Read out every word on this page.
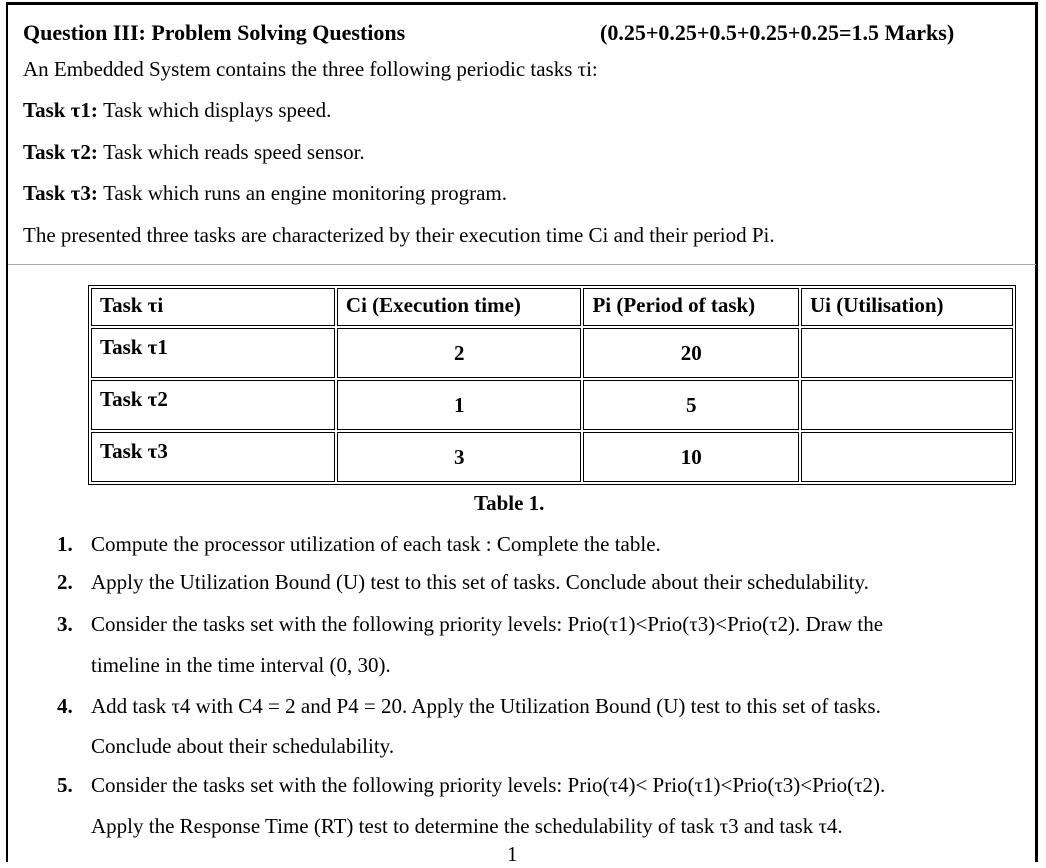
Question III: Problem Solving Questions	(0.25+0.25+0.5+0.25+0.25=1.5 Marks)
An Embedded System contains the three following periodic tasks τi:
Task τ1: Task which displays speed.
Task τ2: Task which reads speed sensor.
Task τ3: Task which runs an engine monitoring program.
The presented three tasks are characterized by their execution time Ci and their period Pi.
Task τi	Ci (Execution time)	Pi (Period of task)	Ui (Utilisation)
Task τ1	2	20	
Task τ2	1	5	
Task τ3	3	10	
Table 1.
1. Compute the processor utilization of each task : Complete the table.
2. Apply the Utilization Bound (U) test to this set of tasks. Conclude about their schedulability.
3. Consider the tasks set with the following priority levels: Prio(τ1)<Prio(τ3)<Prio(τ2). Draw the
timeline in the time interval (0, 30).
4. Add task τ4 with C4 = 2 and P4 = 20. Apply the Utilization Bound (U) test to this set of tasks.
Conclude about their schedulability.
5. Consider the tasks set with the following priority levels: Prio(τ4)< Prio(τ1)<Prio(τ3)<Prio(τ2).
Apply the Response Time (RT) test to determine the schedulability of task τ3 and task τ4.
1
